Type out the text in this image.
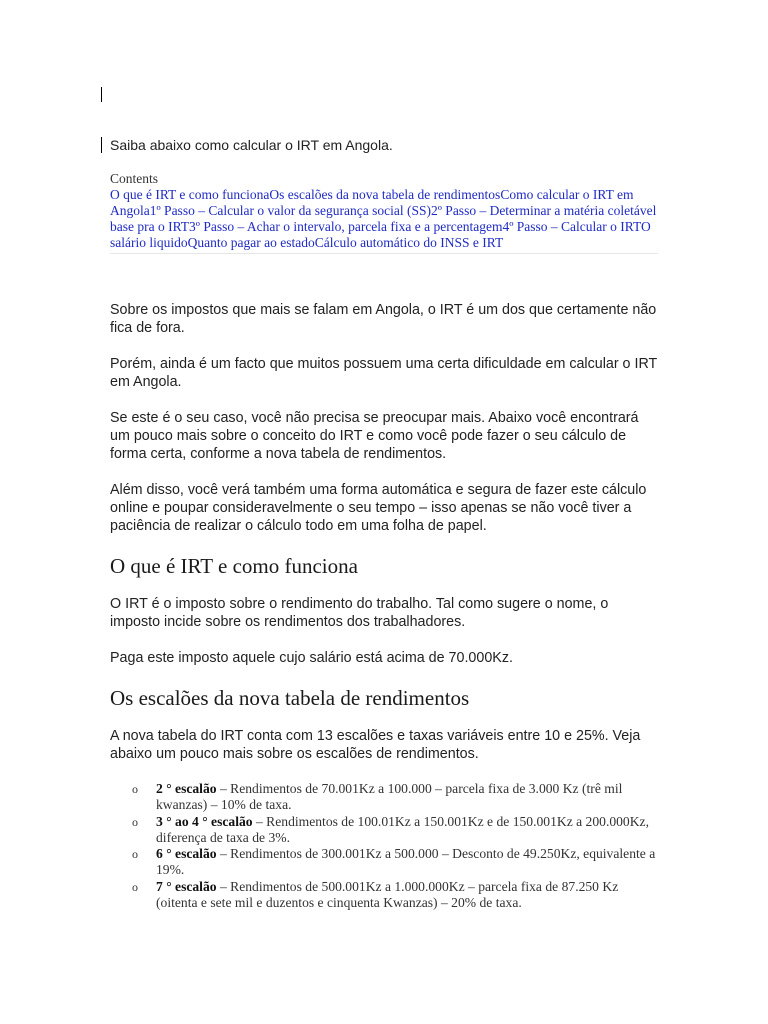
Saiba abaixo como calcular o IRT em Angola.
Contents
O que é IRT e como funcionaOs escalões da nova tabela de rendimentosComo calcular o IRT em Angola1º Passo – Calcular o valor da segurança social (SS)2º Passo – Determinar a matéria coletável base pra o IRT3º Passo – Achar o intervalo, parcela fixa e a percentagem4º Passo – Calcular o IRTO salário liquidoQuanto pagar ao estadoCálculo automático do INSS e IRT

Sobre os impostos que mais se falam em Angola, o IRT é um dos que certamente não fica de fora.

Porém, ainda é um facto que muitos possuem uma certa dificuldade em calcular o IRT em Angola.

Se este é o seu caso, você não precisa se preocupar mais. Abaixo você encontrará um pouco mais sobre o conceito do IRT e como você pode fazer o seu cálculo de forma certa, conforme a nova tabela de rendimentos.

Além disso, você verá também uma forma automática e segura de fazer este cálculo online e poupar consideravelmente o seu tempo – isso apenas se não você tiver a paciência de realizar o cálculo todo em uma folha de papel.

O que é IRT e como funciona

O IRT é o imposto sobre o rendimento do trabalho. Tal como sugere o nome, o imposto incide sobre os rendimentos dos trabalhadores.

Paga este imposto aquele cujo salário está acima de 70.000Kz.

Os escalões da nova tabela de rendimentos

A nova tabela do IRT conta com 13 escalões e taxas variáveis entre 10 e 25%. Veja abaixo um pouco mais sobre os escalões de rendimentos.

o 2 ° escalão – Rendimentos de 70.001Kz a 100.000 – parcela fixa de 3.000 Kz (trê mil kwanzas) – 10% de taxa.
o 3 ° ao 4 ° escalão – Rendimentos de 100.01Kz a 150.001Kz e de 150.001Kz a 200.000Kz, diferença de taxa de 3%.
o 6 ° escalão – Rendimentos de 300.001Kz a 500.000 – Desconto de 49.250Kz, equivalente a 19%.
o 7 ° escalão – Rendimentos de 500.001Kz a 1.000.000Kz – parcela fixa de 87.250 Kz (oitenta e sete mil e duzentos e cinquenta Kwanzas) – 20% de taxa.
